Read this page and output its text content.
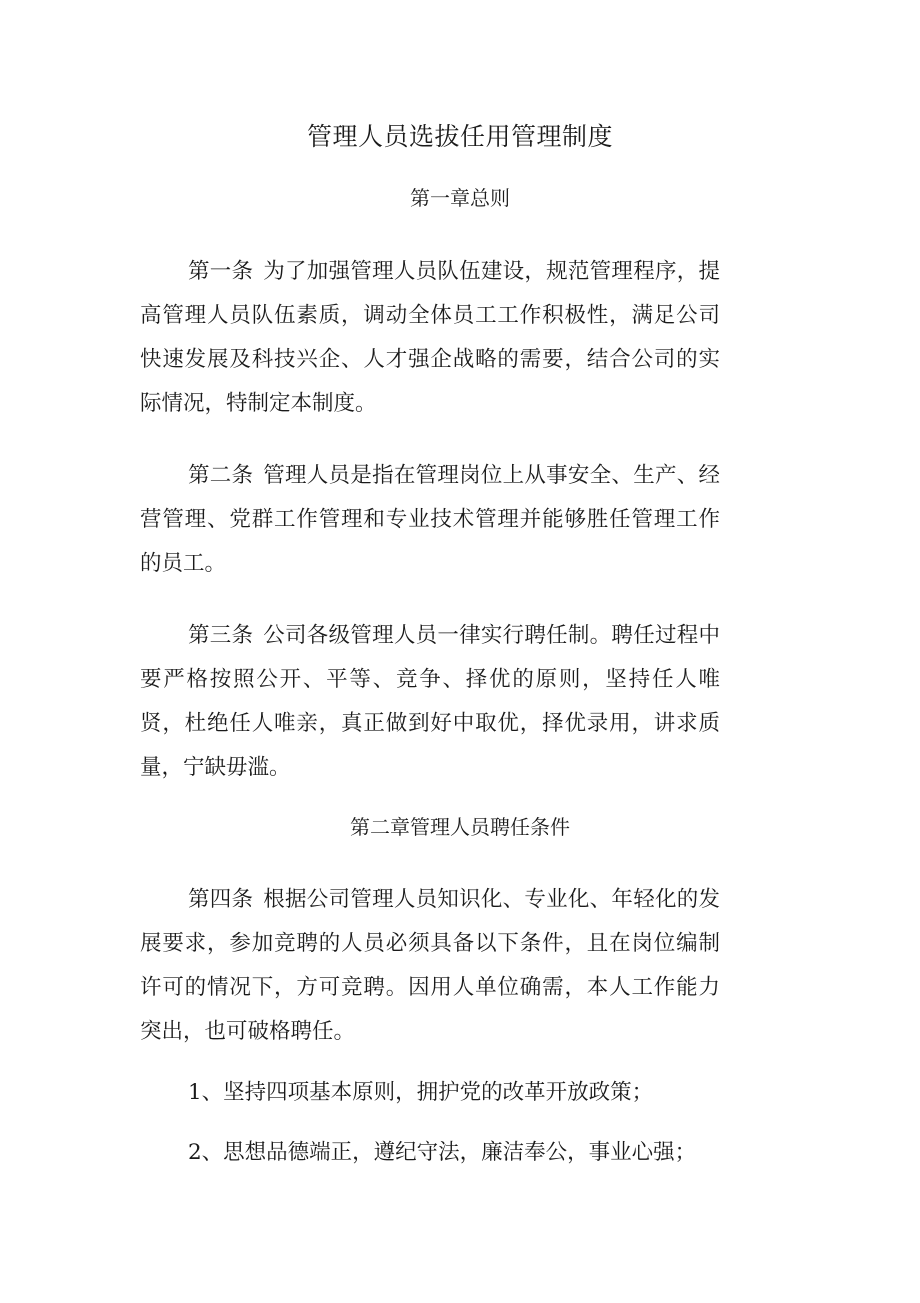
管理人员选拔任用管理制度
第一章总则
第一条 为了加强管理人员队伍建设，规范管理程序，提高管理人员队伍素质，调动全体员工工作积极性，满足公司快速发展及科技兴企、人才强企战略的需要，结合公司的实际情况，特制定本制度。
第二条 管理人员是指在管理岗位上从事安全、生产、经营管理、党群工作管理和专业技术管理并能够胜任管理工作的员工。
第三条 公司各级管理人员一律实行聘任制。聘任过程中要严格按照公开、平等、竞争、择优的原则，坚持任人唯贤，杜绝任人唯亲，真正做到好中取优，择优录用，讲求质量，宁缺毋滥。
第二章管理人员聘任条件
第四条 根据公司管理人员知识化、专业化、年轻化的发展要求，参加竞聘的人员必须具备以下条件，且在岗位编制许可的情况下，方可竞聘。因用人单位确需，本人工作能力突出，也可破格聘任。
1、坚持四项基本原则，拥护党的改革开放政策；
2、思想品德端正，遵纪守法，廉洁奉公，事业心强；
